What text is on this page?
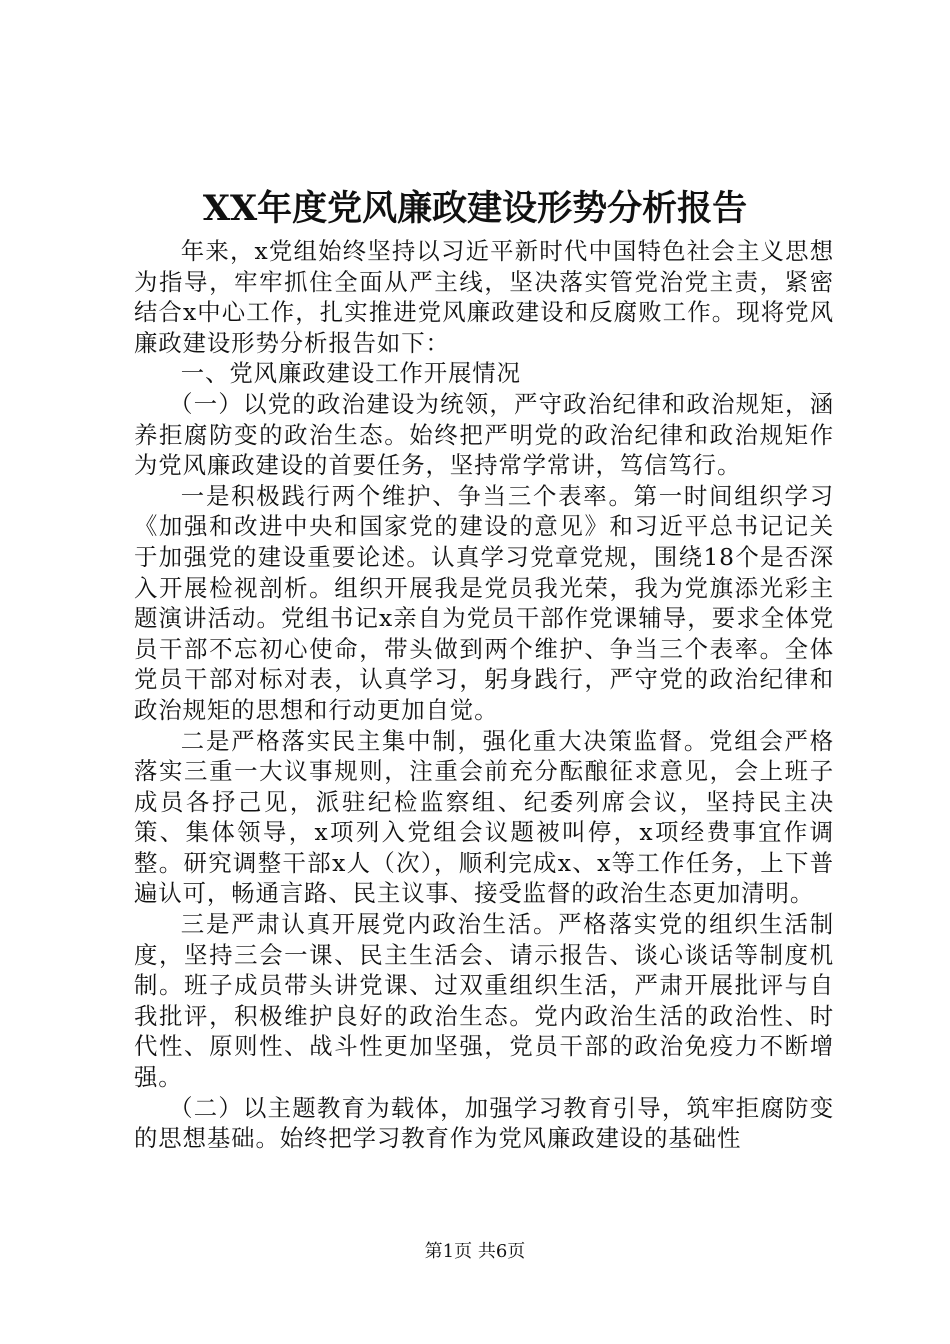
XX年度党风廉政建设形势分析报告

年来，x党组始终坚持以习近平新时代中国特色社会主义思想为指导，牢牢抓住全面从严主线，坚决落实管党治党主责，紧密结合x中心工作，扎实推进党风廉政建设和反腐败工作。现将党风廉政建设形势分析报告如下：

一、党风廉政建设工作开展情况

（一）以党的政治建设为统领，严守政治纪律和政治规矩，涵养拒腐防变的政治生态。始终把严明党的政治纪律和政治规矩作为党风廉政建设的首要任务，坚持常学常讲，笃信笃行。

一是积极践行两个维护、争当三个表率。第一时间组织学习《加强和改进中央和国家党的建设的意见》和习近平总书记记关于加强党的建设重要论述。认真学习党章党规，围绕18个是否深入开展检视剖析。组织开展我是党员我光荣，我为党旗添光彩主题演讲活动。党组书记x亲自为党员干部作党课辅导，要求全体党员干部不忘初心使命，带头做到两个维护、争当三个表率。全体党员干部对标对表，认真学习，躬身践行，严守党的政治纪律和政治规矩的思想和行动更加自觉。

二是严格落实民主集中制，强化重大决策监督。党组会严格落实三重一大议事规则，注重会前充分酝酿征求意见，会上班子成员各抒己见，派驻纪检监察组、纪委列席会议，坚持民主决策、集体领导，x项列入党组会议题被叫停，x项经费事宜作调整。研究调整干部x人（次），顺利完成x、x等工作任务，上下普遍认可，畅通言路、民主议事、接受监督的政治生态更加清明。

三是严肃认真开展党内政治生活。严格落实党的组织生活制度，坚持三会一课、民主生活会、请示报告、谈心谈话等制度机制。班子成员带头讲党课、过双重组织生活，严肃开展批评与自我批评，积极维护良好的政治生态。党内政治生活的政治性、时代性、原则性、战斗性更加坚强，党员干部的政治免疫力不断增强。

（二）以主题教育为载体，加强学习教育引导，筑牢拒腐防变的思想基础。始终把学习教育作为党风廉政建设的基础性

第1页 共6页
